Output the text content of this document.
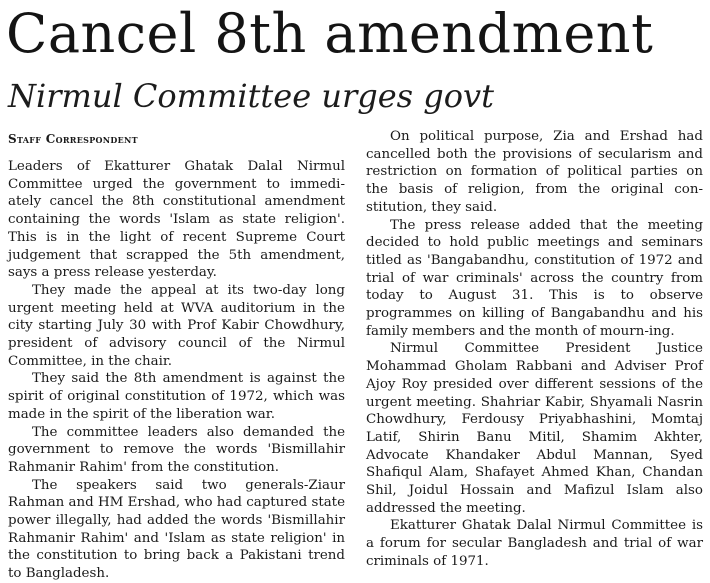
Cancel 8th amendment
Nirmul Committee urges govt
Staff Correspondent

Leaders of Ekatturer Ghatak Dalal Nirmul Committee urged the government to immedi-ately cancel the 8th constitutional amendment containing the words 'Islam as state religion'. This is in the light of recent Supreme Court judgement that scrapped the 5th amendment, says a press release yesterday.

They made the appeal at its two-day long urgent meeting held at WVA auditorium in the city starting July 30 with Prof Kabir Chowdhury, president of advisory council of the Nirmul Committee, in the chair.

They said the 8th amendment is against the spirit of original constitution of 1972, which was made in the spirit of the liberation war.

The committee leaders also demanded the government to remove the words 'Bismillahir Rahmanir Rahim' from the constitution.

The speakers said two generals-Ziaur Rahman and HM Ershad, who had captured state power illegally, had added the words 'Bismillahir Rahmanir Rahim' and 'Islam as state religion' in the constitution to bring back a Pakistani trend to Bangladesh.

On political purpose, Zia and Ershad had cancelled both the provisions of secularism and restriction on formation of political parties on the basis of religion, from the original con-stitution, they said.

The press release added that the meeting decided to hold public meetings and seminars titled as 'Bangabandhu, constitution of 1972 and trial of war criminals' across the country from today to August 31. This is to observe programmes on killing of Bangabandhu and his family members and the month of mourn-ing.

Nirmul Committee President Justice Mohammad Gholam Rabbani and Adviser Prof Ajoy Roy presided over different sessions of the urgent meeting. Shahriar Kabir, Shyamali Nasrin Chowdhury, Ferdousy Priyabhashini, Momtaj Latif, Shirin Banu Mitil, Shamim Akhter, Advocate Khandaker Abdul Mannan, Syed Shafiqul Alam, Shafayet Ahmed Khan, Chandan Shil, Joidul Hossain and Mafizul Islam also addressed the meeting.

Ekatturer Ghatak Dalal Nirmul Committee is a forum for secular Bangladesh and trial of war criminals of 1971.
